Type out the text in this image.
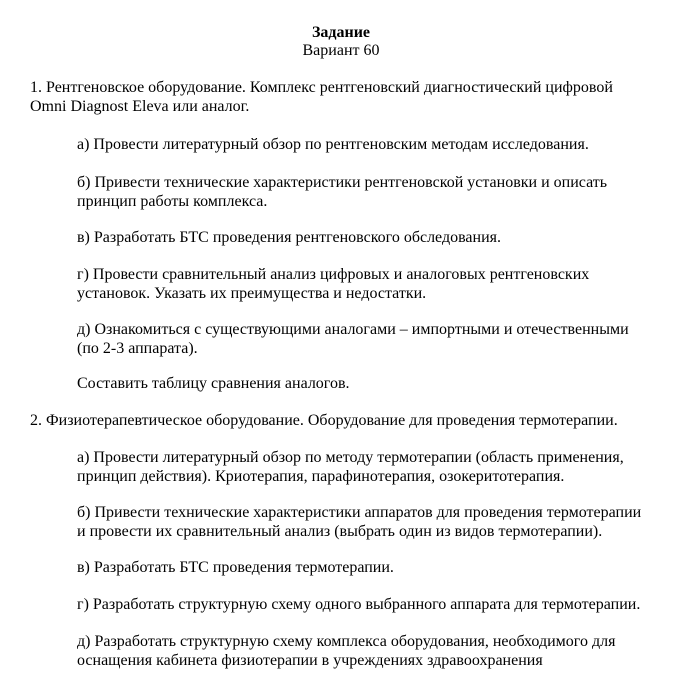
Задание
Вариант 60
1. Рентгеновское оборудование. Комплекс рентгеновский диагностический цифровой
Omni Diagnost Eleva или аналог.
а) Провести литературный обзор по рентгеновским методам исследования.
б) Привести технические характеристики рентгеновской установки и описать
принцип работы комплекса.
в) Разработать БТС проведения рентгеновского обследования.
г) Провести сравнительный анализ цифровых и аналоговых рентгеновских
установок. Указать их преимущества и недостатки.
д) Ознакомиться с существующими аналогами – импортными и отечественными
(по 2-3 аппарата).
Составить таблицу сравнения аналогов.
2. Физиотерапевтическое оборудование. Оборудование для проведения термотерапии.
а) Провести литературный обзор по методу термотерапии (область применения,
принцип действия). Криотерапия, парафинотерапия, озокеритотерапия.
б) Привести технические характеристики аппаратов для проведения термотерапии
и провести их сравнительный анализ (выбрать один из видов термотерапии).
в) Разработать БТС проведения термотерапии.
г) Разработать структурную схему одного выбранного аппарата для термотерапии.
д) Разработать структурную схему комплекса оборудования, необходимого для
оснащения кабинета физиотерапии в учреждениях здравоохранения
